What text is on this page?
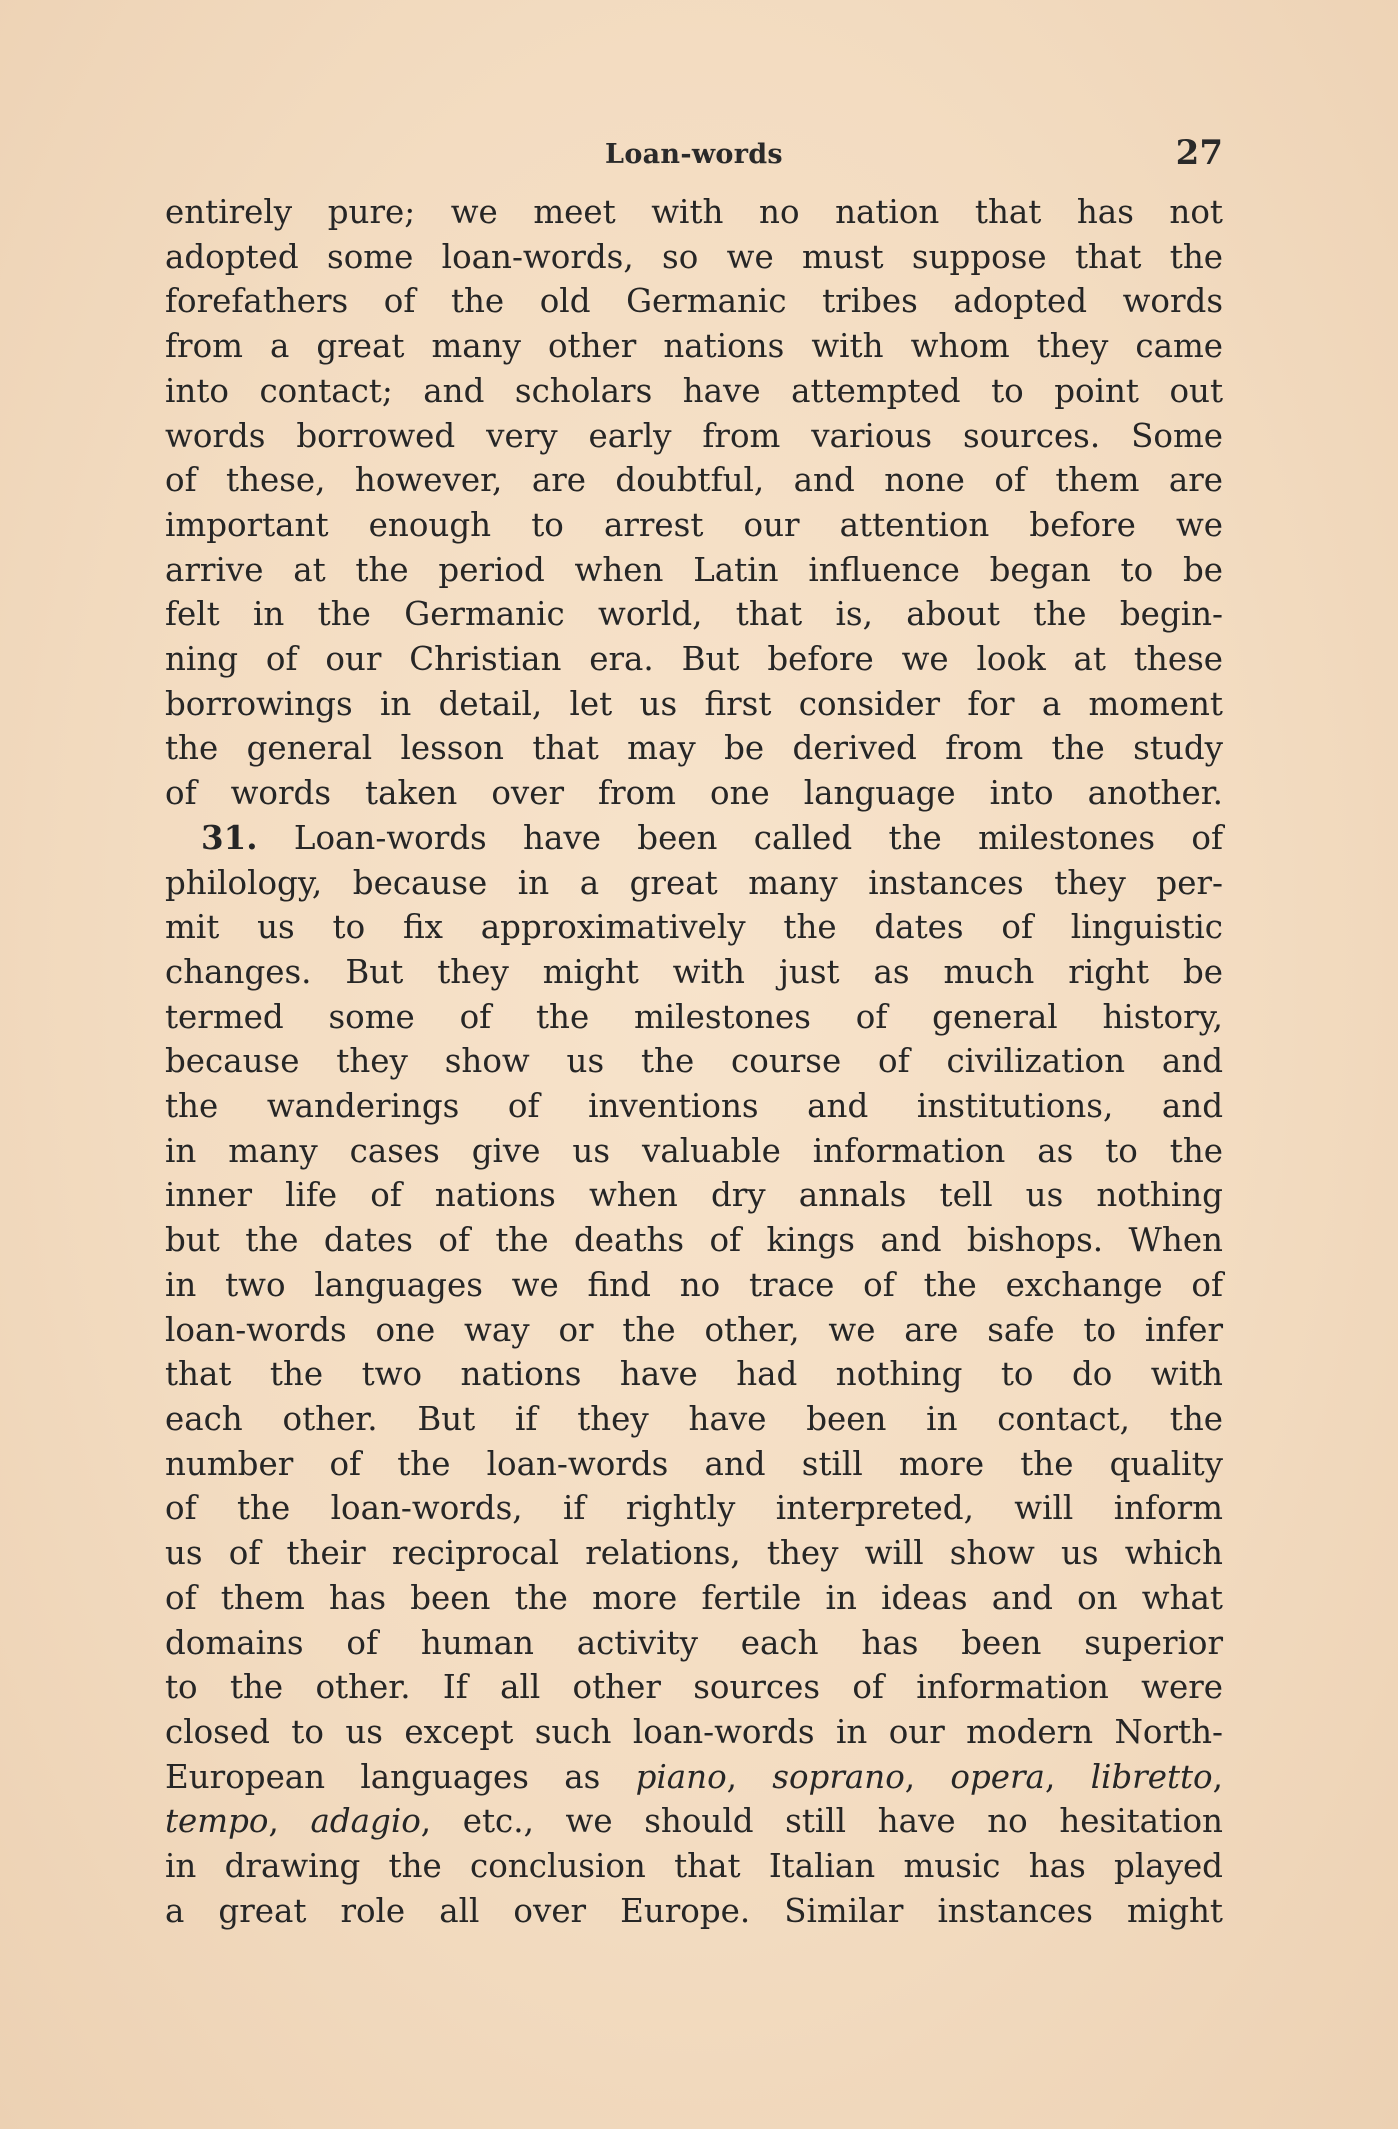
Loan-words	27

entirely pure; we meet with no nation that has not
adopted some loan-words, so we must suppose that the
forefathers of the old Germanic tribes adopted words
from a great many other nations with whom they came
into contact; and scholars have attempted to point out
words borrowed very early from various sources. Some
of these, however, are doubtful, and none of them are
important enough to arrest our attention before we
arrive at the period when Latin influence began to be
felt in the Germanic world, that is, about the begin-
ning of our Christian era. But before we look at these
borrowings in detail, let us first consider for a moment
the general lesson that may be derived from the study
of words taken over from one language into another.

31. Loan-words have been called the milestones of
philology, because in a great many instances they per-
mit us to fix approximatively the dates of linguistic
changes. But they might with just as much right be
termed some of the milestones of general history,
because they show us the course of civilization and
the wanderings of inventions and institutions, and
in many cases give us valuable information as to the
inner life of nations when dry annals tell us nothing
but the dates of the deaths of kings and bishops. When
in two languages we find no trace of the exchange of
loan-words one way or the other, we are safe to infer
that the two nations have had nothing to do with
each other. But if they have been in contact, the
number of the loan-words and still more the quality
of the loan-words, if rightly interpreted, will inform
us of their reciprocal relations, they will show us which
of them has been the more fertile in ideas and on what
domains of human activity each has been superior
to the other. If all other sources of information were
closed to us except such loan-words in our modern North-
European languages as piano, soprano, opera, libretto,
tempo, adagio, etc., we should still have no hesitation
in drawing the conclusion that Italian music has played
a great role all over Europe. Similar instances might
